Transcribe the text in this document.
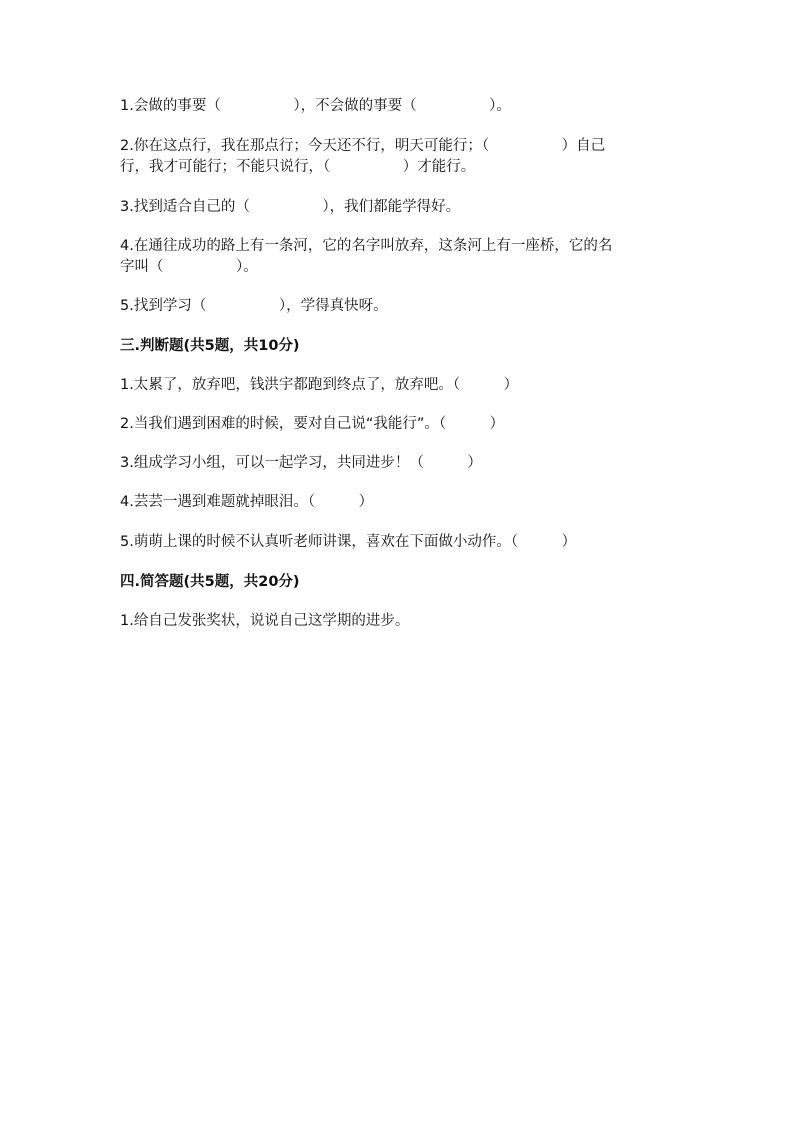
1.会做的事要（　　　　　），不会做的事要（　　　　　）。
2.你在这点行，我在那点行；今天还不行，明天可能行；（　　　　　）自己
行，我才可能行；不能只说行，（　　　　　）才能行。
3.找到适合自己的（　　　　　），我们都能学得好。
4.在通往成功的路上有一条河，它的名字叫放弃，这条河上有一座桥，它的名
字叫（　　　　　）。
5.找到学习（　　　　　），学得真快呀。
三.判断题(共5题，共10分)
1.太累了，放弃吧，钱洪宇都跑到终点了，放弃吧。（　　　）
2.当我们遇到困难的时候，要对自己说“我能行”。（　　　）
3.组成学习小组，可以一起学习，共同进步！（　　　）
4.芸芸一遇到难题就掉眼泪。（　　　）
5.萌萌上课的时候不认真听老师讲课，喜欢在下面做小动作。（　　　）
四.简答题(共5题，共20分)
1.给自己发张奖状，说说自己这学期的进步。
